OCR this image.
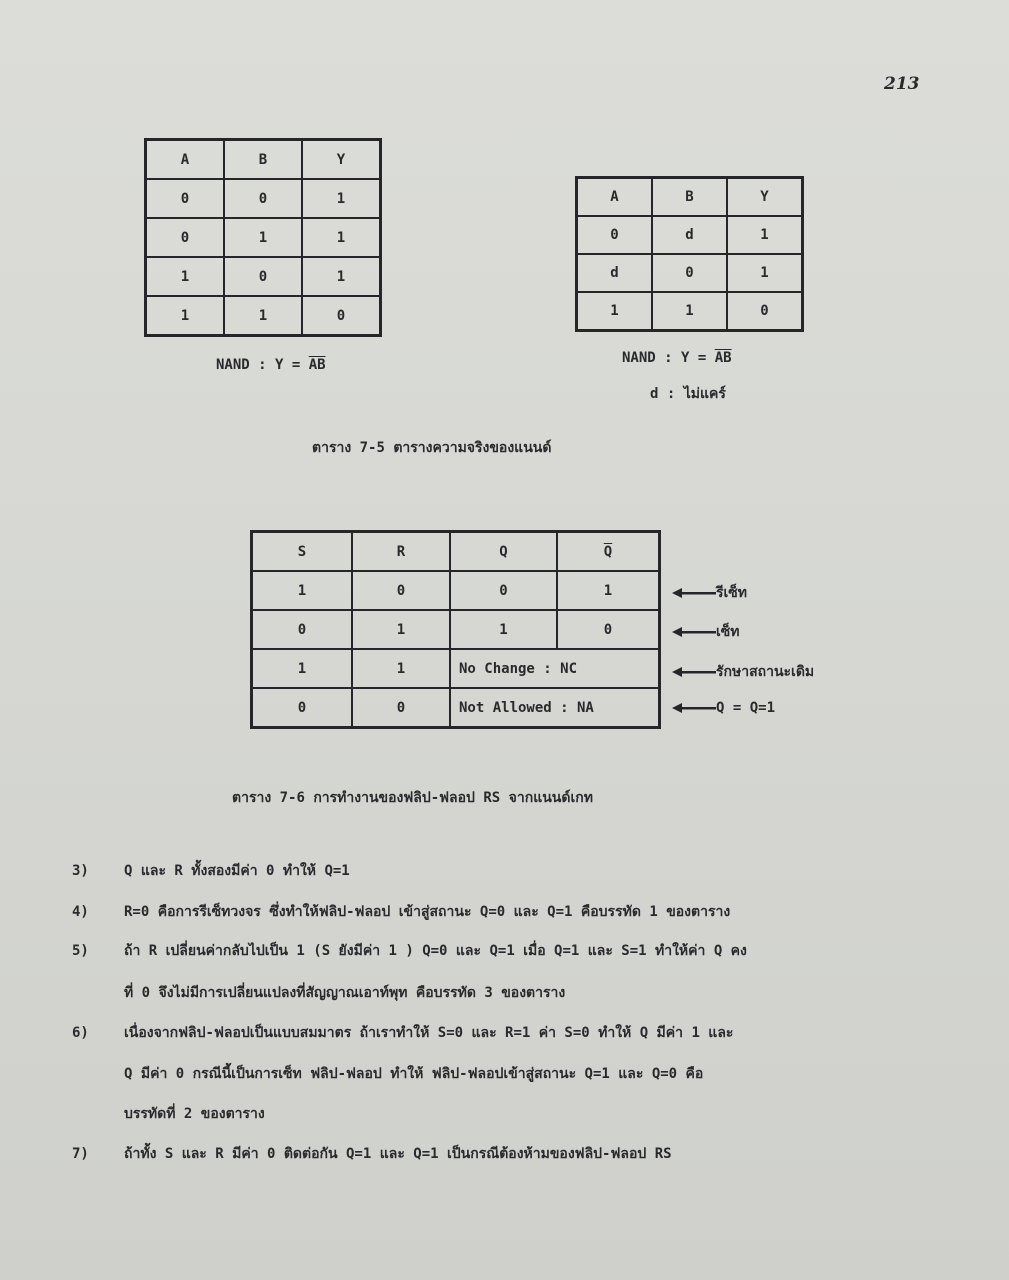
213
A	B	Y
0	0	1
0	1	1
1	0	1
1	1	0
NAND : $Y = \overline{AB}$
A	B	Y
0	d	1
d	0	1
1	1	0
NAND : $Y = \overline{AB}$
d : ไม่แคร์
ตาราง 7-5 ตารางความจริงของแนนด์
S	R	Q	$\overline{Q}$
1	0	0	1
0	1	1	0
1	1	No Change : NC	
0	0	Not Allowed : NA	
รีเซ็ท
เซ็ท
รักษาสถานะเดิม
Q = Q=1
ตาราง 7-6 การทำงานของฟลิป-ฟลอป RS จากแนนด์เกท
3)	Q และ R ทั้งสองมีค่า 0 ทำให้ Q=1
4)	R=0 คือการรีเซ็ทวงจร ซึ่งทำให้ฟลิป-ฟลอป เข้าสู่สถานะ Q=0 และ Q=1 คือบรรทัด 1 ของตาราง
5)	ถ้า R เปลี่ยนค่ากลับไปเป็น 1 (S ยังมีค่า 1 ) Q=0 และ Q=1 เมื่อ Q=1 และ S=1 ทำให้ค่า Q คง
ที่ 0 จึงไม่มีการเปลี่ยนแปลงที่สัญญาณเอาท์พุท คือบรรทัด 3 ของตาราง
6)	เนื่องจากฟลิป-ฟลอปเป็นแบบสมมาตร ถ้าเราทำให้ S=0 และ R=1 ค่า S=0 ทำให้ Q มีค่า 1 และ
Q มีค่า 0 กรณีนี้เป็นการเซ็ท ฟลิป-ฟลอป ทำให้ ฟลิป-ฟลอปเข้าสู่สถานะ Q=1 และ Q=0 คือ
บรรทัดที่ 2 ของตาราง
7)	ถ้าทั้ง S และ R มีค่า 0 ติดต่อกัน Q=1 และ Q=1 เป็นกรณีต้องห้ามของฟลิป-ฟลอป RS
